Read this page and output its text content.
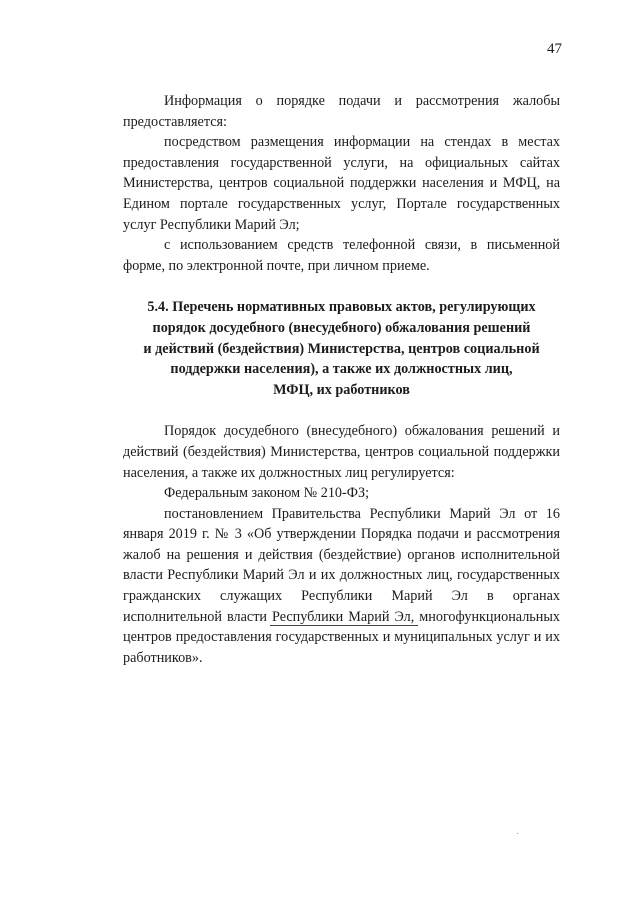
47

Информация о порядке подачи и рассмотрения жалобы предоставляется:

посредством размещения информации на стендах в местах предоставления государственной услуги, на официальных сайтах Министерства, центров социальной поддержки населения и МФЦ, на Едином портале государственных услуг, Портале государственных услуг Республики Марий Эл;

с использованием средств телефонной связи, в письменной форме, по электронной почте, при личном приеме.

5.4. Перечень нормативных правовых актов, регулирующих
порядок досудебного (внесудебного) обжалования решений
и действий (бездействия) Министерства, центров социальной
поддержки населения), а также их должностных лиц,
МФЦ, их работников

Порядок досудебного (внесудебного) обжалования решений и действий (бездействия) Министерства, центров социальной поддержки населения, а также их должностных лиц регулируется:

Федеральным законом № 210-ФЗ;

постановлением Правительства Республики Марий Эл от 16 января 2019 г. № 3 «Об утверждении Порядка подачи и рассмотрения жалоб на решения и действия (бездействие) органов исполнительной власти Республики Марий Эл и их должностных лиц, государственных гражданских служащих Республики Марий Эл в органах исполнительной власти Республики Марий Эл, многофункциональных центров предоставления государственных и муниципальных услуг и их работников».
